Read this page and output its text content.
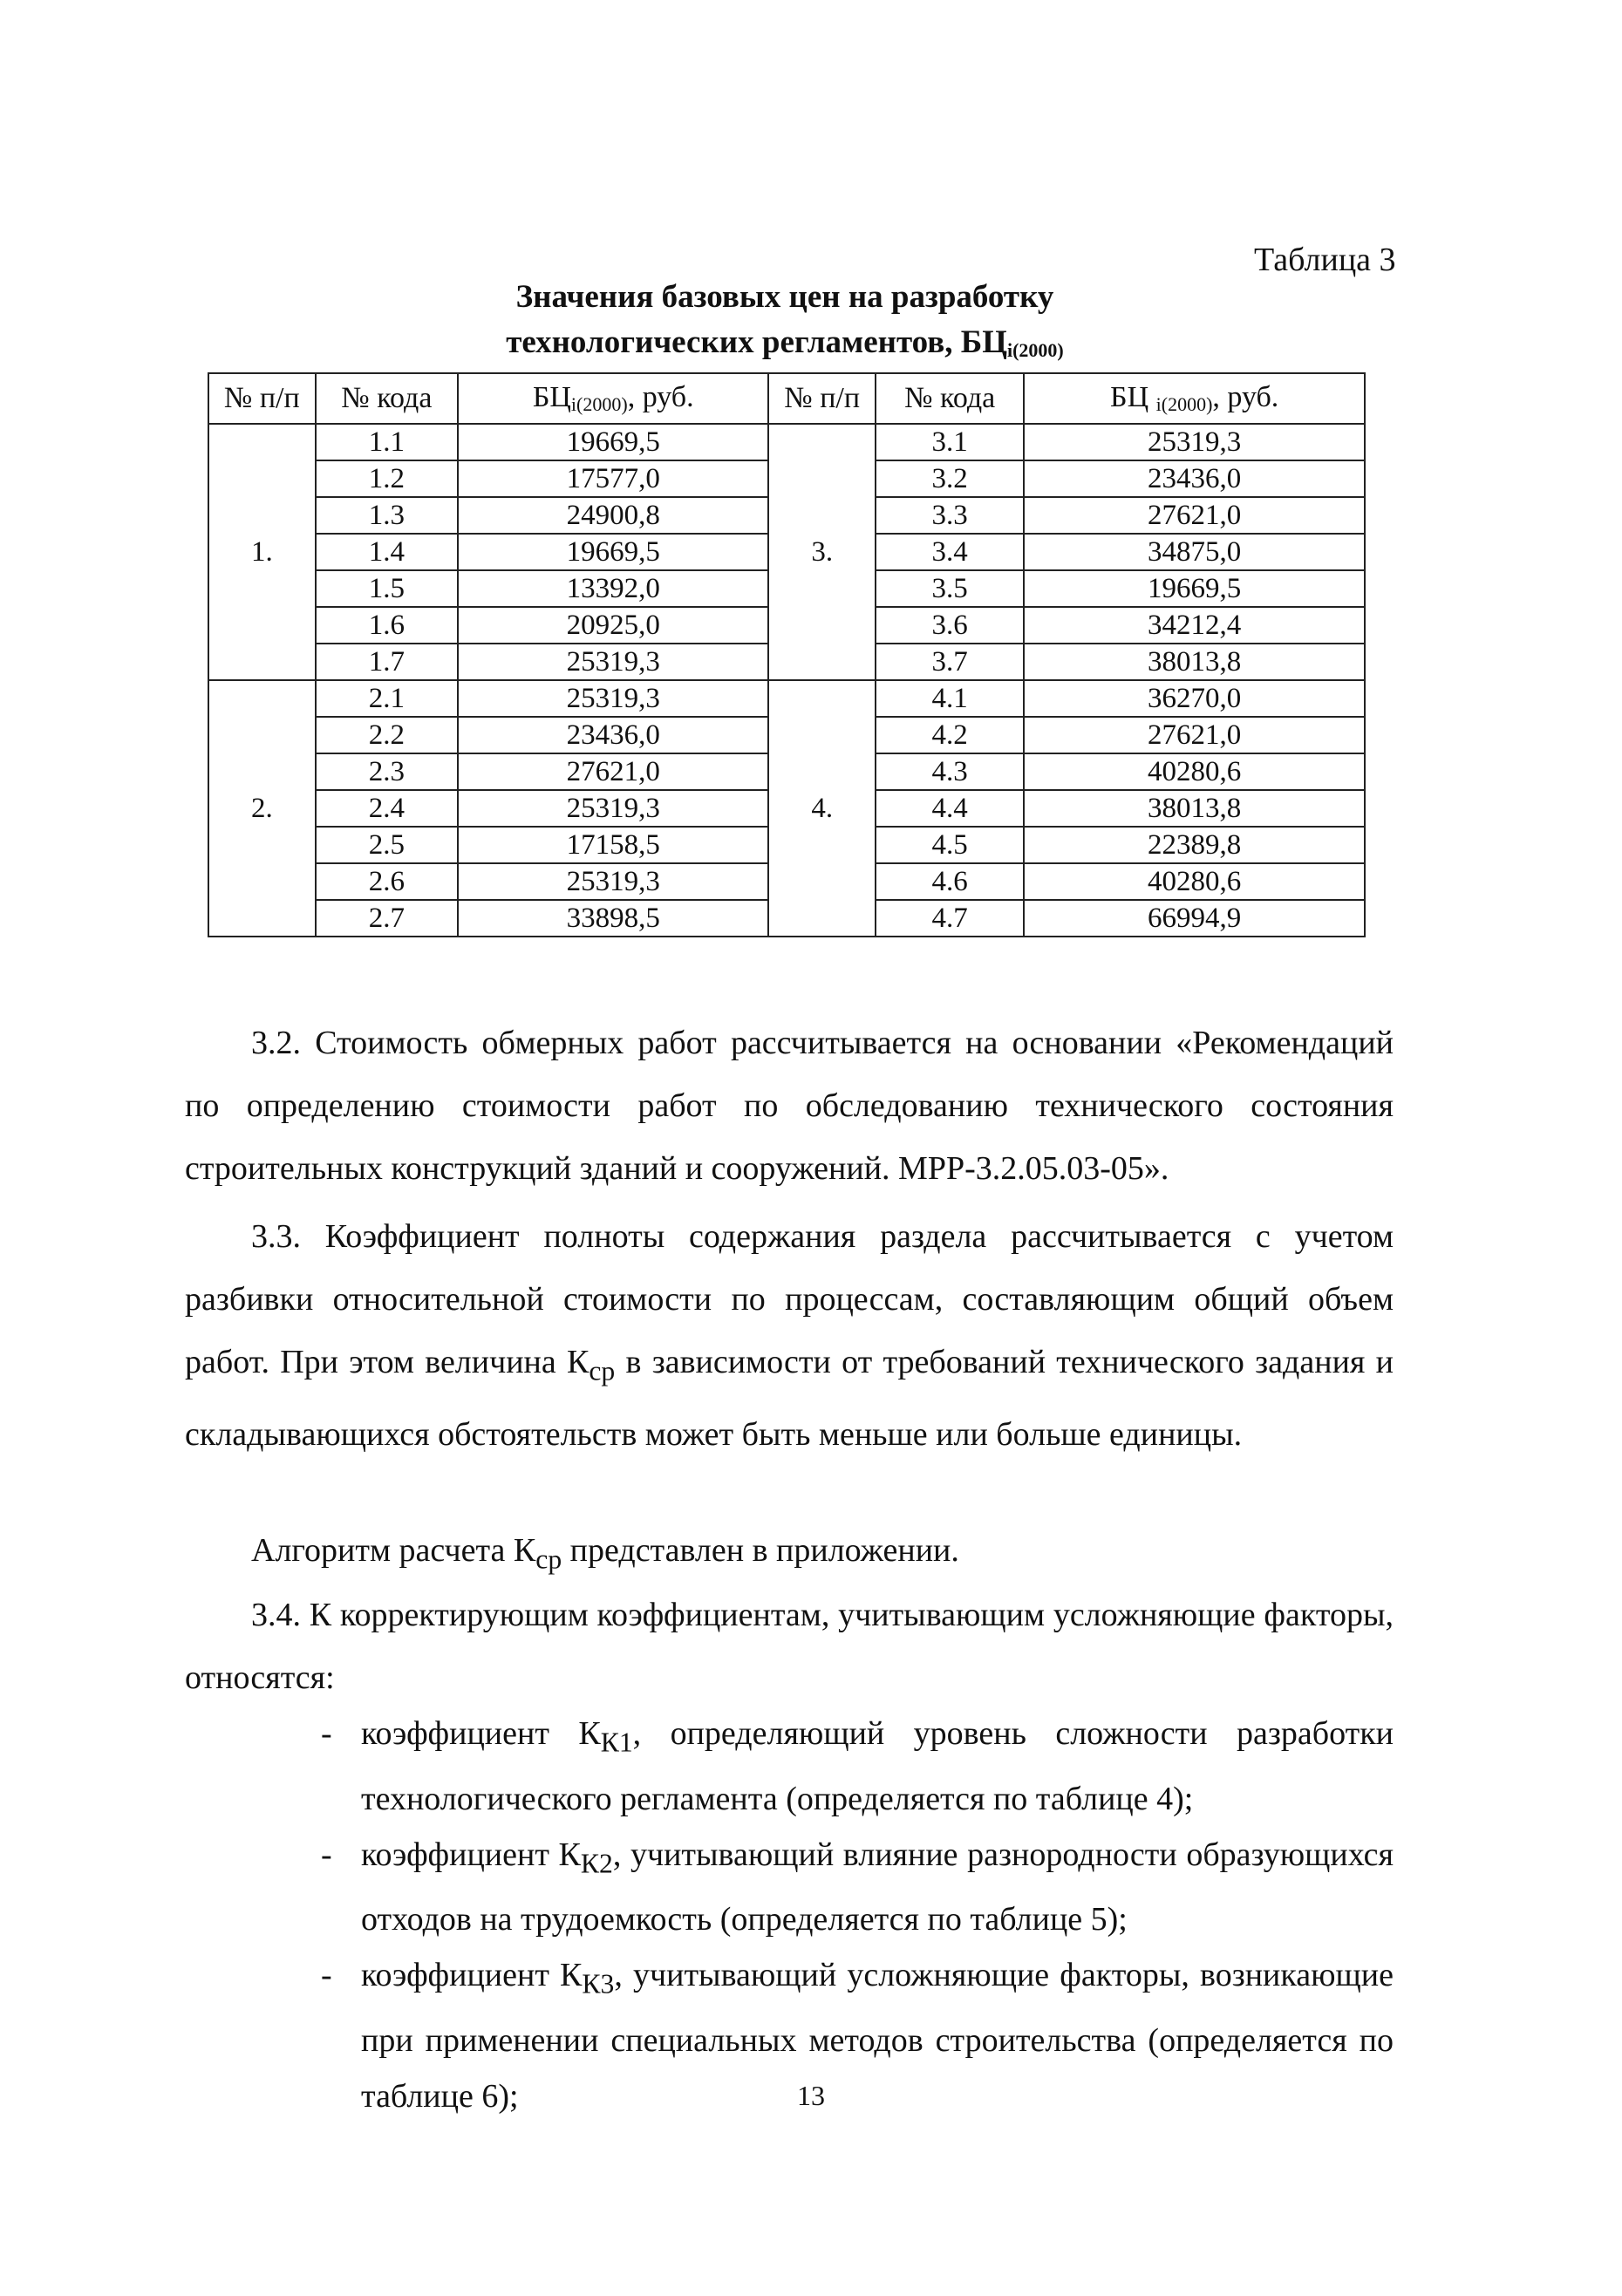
Таблица 3
Значения базовых цен на разработку
технологических регламентов, $БЦ_{i(2000)}$
№ п/п	№ кода	$БЦ_{i(2000)}$, руб.	№ п/п	№ кода	БЦ $_{i(2000)}$, руб.
1.	1.1	19669,5	3.	3.1	25319,3
	1.2	17577,0		3.2	23436,0
	1.3	24900,8		3.3	27621,0
	1.4	19669,5		3.4	34875,0
	1.5	13392,0		3.5	19669,5
	1.6	20925,0		3.6	34212,4
	1.7	25319,3		3.7	38013,8
2.	2.1	25319,3	4.	4.1	36270,0
	2.2	23436,0		4.2	27621,0
	2.3	27621,0		4.3	40280,6
	2.4	25319,3		4.4	38013,8
	2.5	17158,5		4.5	22389,8
	2.6	25319,3		4.6	40280,6
	2.7	33898,5		4.7	66994,9
3.2. Стоимость обмерных работ рассчитывается на основании «Рекомендаций по определению стоимости работ по обследованию технического состояния строительных конструкций зданий и сооружений. МРР-3.2.05.03-05».
3.3. Коэффициент полноты содержания раздела рассчитывается с учетом разбивки относительной стоимости по процессам, составляющим общий объем работ. При этом величина $К_{ср}$ в зависимости от требований технического задания и складывающихся обстоятельств может быть меньше или больше единицы.
Алгоритм расчета $К_{ср}$ представлен в приложении.
3.4. К корректирующим коэффициентам, учитывающим усложняющие факторы, относятся:
- коэффициент $К_{К1}$, определяющий уровень сложности разработки технологического регламента (определяется по таблице 4);
- коэффициент $К_{К2}$, учитывающий влияние разнородности образующихся отходов на трудоемкость (определяется по таблице 5);
- коэффициент $К_{К3}$, учитывающий усложняющие факторы, возникающие при применении специальных методов строительства (определяется по таблице 6);	13
